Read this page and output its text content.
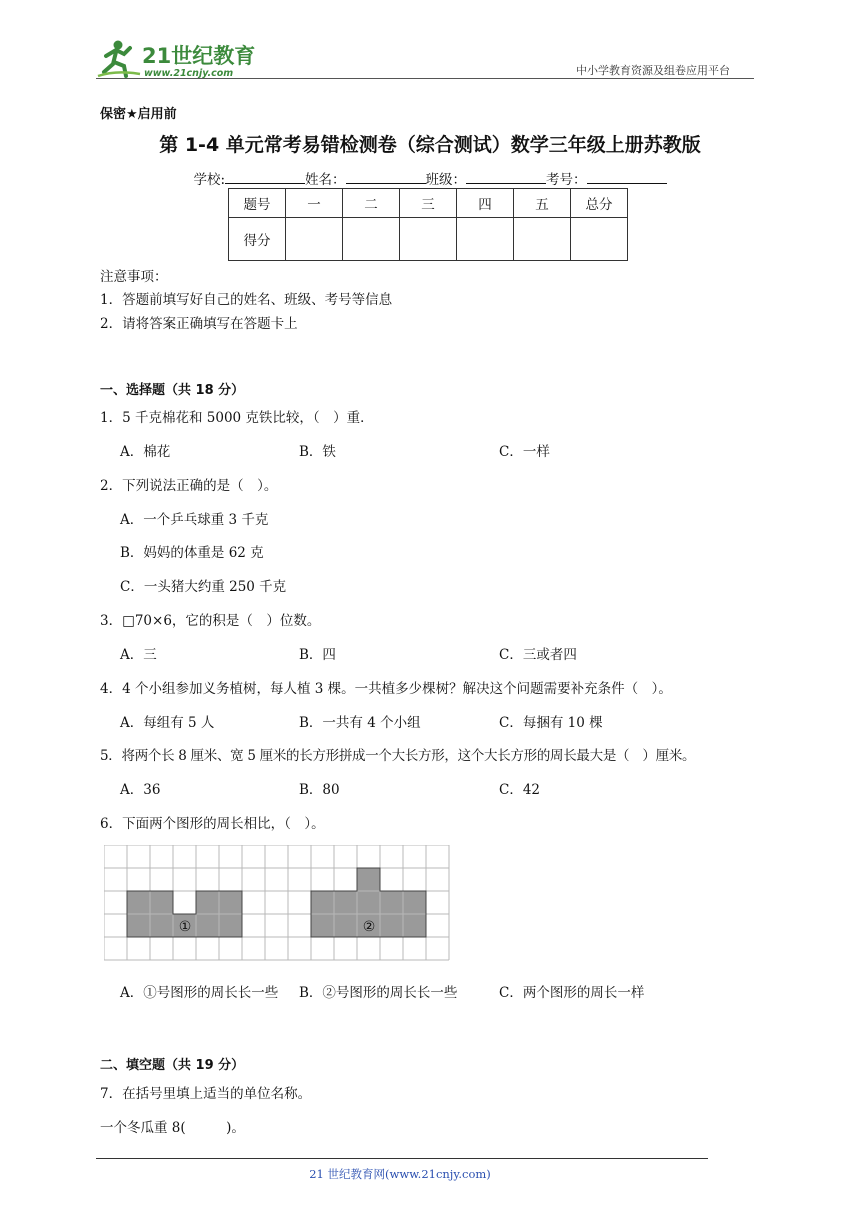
21世纪教育
www.21cnjy.com	中小学教育资源及组卷应用平台
保密★启用前
第 1-4 单元常考易错检测卷（综合测试）数学三年级上册苏教版
学校:	姓名：	班级：	考号：
题号	一	二	三	四	五	总分
得分						
注意事项：
1．答题前填写好自己的姓名、班级、考号等信息
2．请将答案正确填写在答题卡上
一、选择题（共 18 分）
1．5 千克棉花和 5000 克铁比较，（　）重．
A．棉花	B．铁	C．一样
2．下列说法正确的是（　）。
A．一个乒乓球重 3 千克
B．妈妈的体重是 62 克
C．一头猪大约重 250 千克
3．□70×6，它的积是（　）位数。
A．三	B．四	C．三或者四
4．4 个小组参加义务植树，每人植 3 棵。一共植多少棵树？解决这个问题需要补充条件（　）。
A．每组有 5 人	B．一共有 4 个小组	C．每捆有 10 棵
5．将两个长 8 厘米、宽 5 厘米的长方形拼成一个大长方形，这个大长方形的周长最大是（　）厘米。
A．36	B．80	C．42
6．下面两个图形的周长相比，（　）。
①	②
A．①号图形的周长长一些 B．②号图形的周长长一些	C．两个图形的周长一样
二、填空题（共 19 分）
7．在括号里填上适当的单位名称。
一个冬瓜重 8(　　　)。
21 世纪教育网(www.21cnjy.com)
